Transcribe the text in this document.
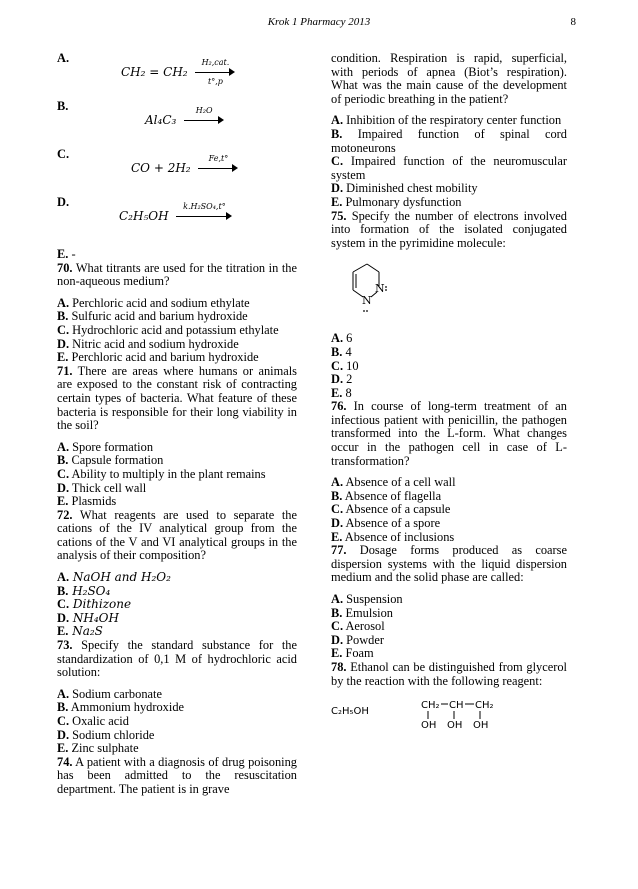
Krok 1 Pharmacy 2013	8
A.
CH₂ = CH₂
H₂,cat.
t°,p
B.
Al₄C₃
H₂O
C.
CO + 2H₂
Fe,t°
D.
C₂H₅OH
k.H₂SO₄,t°

E. -

70. What titrants are used for the titration in the non-aqueous medium?

A. Perchloric acid and sodium ethylate
B. Sulfuric acid and barium hydroxide
C. Hydrochloric acid and potassium ethylate
D. Nitric acid and sodium hydroxide
E. Perchloric acid and barium hydroxide

71. There are areas where humans or animals are exposed to the constant risk of contracting certain types of bacteria. What feature of these bacteria is responsible for their long viability in the soil?

A. Spore formation
B. Capsule formation
C. Ability to multiply in the plant remains
D. Thick cell wall
E. Plasmids

72. What reagents are used to separate the cations of the IV analytical group from the cations of the V and VI analytical groups in the analysis of their composition?

A. NaOH and H₂O₂
B. H₂SO₄
C. Dithizone
D. NH₄OH
E. Na₂S

73. Specify the standard substance for the standardization of 0,1 M of hydrochloric acid solution:

A. Sodium carbonate
B. Ammonium hydroxide
C. Oxalic acid
D. Sodium chloride
E. Zinc sulphate

74. A patient with a diagnosis of drug poisoning has been admitted to the resuscitation department. The patient is in grave

condition. Respiration is rapid, superficial, with periods of apnea (Biot’s respiration). What was the main cause of the development of periodic breathing in the patient?

A. Inhibition of the respiratory center function
B. Impaired function of spinal cord motoneurons
C. Impaired function of the neuromuscular system
D. Diminished chest mobility
E. Pulmonary dysfunction

75. Specify the number of electrons involved into formation of the isolated conjugated system in the pyrimidine molecule:

N
N
A. 6
B. 4
C. 10
D. 2
E. 8

76. In course of long-term treatment of an infectious patient with penicillin, the pathogen transformed into the L-form. What changes occur in the pathogen cell in case of L-transformation?

A. Absence of a cell wall
B. Absence of flagella
C. Absence of a capsule
D. Absence of a spore
E. Absence of inclusions

77. Dosage forms produced as coarse dispersion systems with the liquid dispersion medium and the solid phase are called:

A. Suspension
B. Emulsion
C. Aerosol
D. Powder
E. Foam

78. Ethanol can be distinguished from glycerol by the reaction with the following reagent:

C₂H₅OH
CH₂ CH CH₂
OH OH OH
